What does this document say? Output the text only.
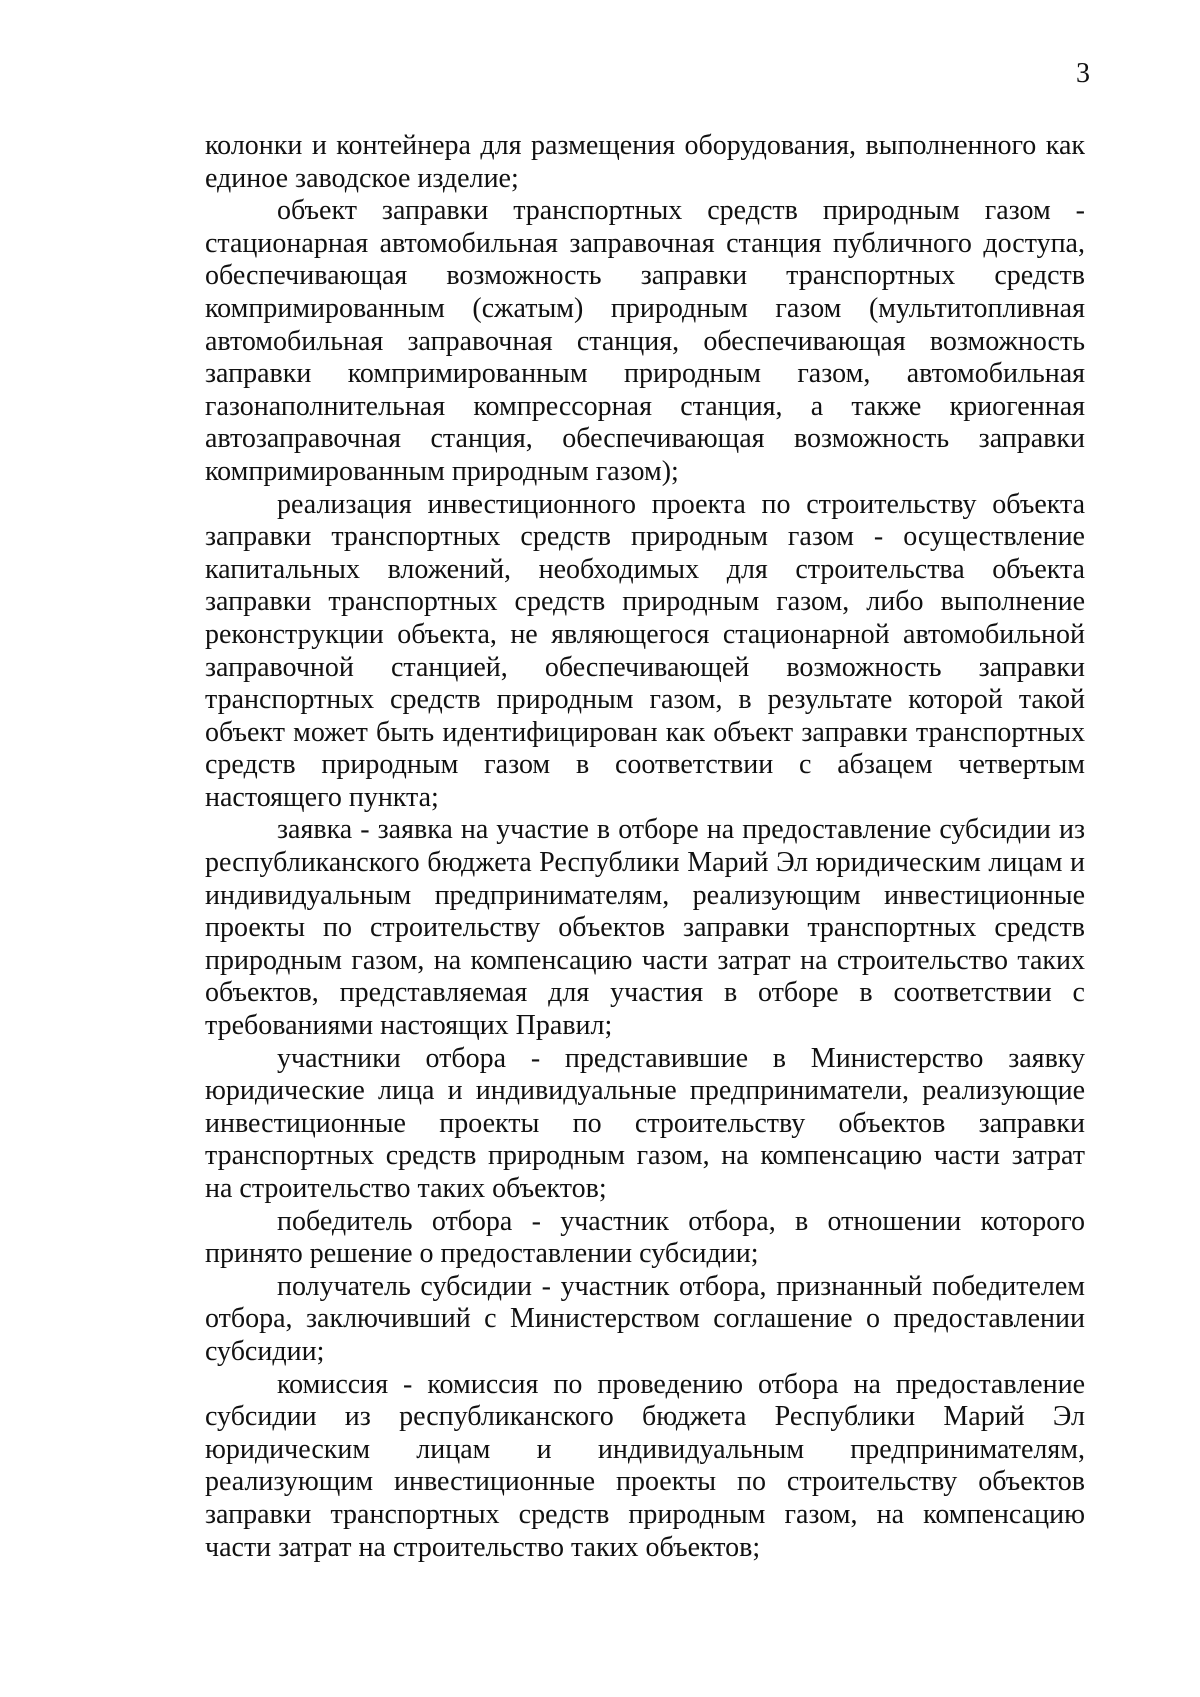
3

колонки и контейнера для размещения оборудования, выполненного как единое заводское изделие;

объект заправки транспортных средств природным газом - стационарная автомобильная заправочная станция публичного доступа, обеспечивающая возможность заправки транспортных средств компримированным (сжатым) природным газом (мультитопливная автомобильная заправочная станция, обеспечивающая возможность заправки компримированным природным газом, автомобильная газонаполнительная компрессорная станция, а также криогенная автозаправочная станция, обеспечивающая возможность заправки компримированным природным газом);

реализация инвестиционного проекта по строительству объекта заправки транспортных средств природным газом - осуществление капитальных вложений, необходимых для строительства объекта заправки транспортных средств природным газом, либо выполнение реконструкции объекта, не являющегося стационарной автомобильной заправочной станцией, обеспечивающей возможность заправки транспортных средств природным газом, в результате которой такой объект может быть идентифицирован как объект заправки транспортных средств природным газом в соответствии с абзацем четвертым настоящего пункта;

заявка - заявка на участие в отборе на предоставление субсидии из республиканского бюджета Республики Марий Эл юридическим лицам и индивидуальным предпринимателям, реализующим инвестиционные проекты по строительству объектов заправки транспортных средств природным газом, на компенсацию части затрат на строительство таких объектов, представляемая для участия в отборе в соответствии с требованиями настоящих Правил;

участники отбора - представившие в Министерство заявку юридические лица и индивидуальные предприниматели, реализующие инвестиционные проекты по строительству объектов заправки транспортных средств природным газом, на компенсацию части затрат на строительство таких объектов;

победитель отбора - участник отбора, в отношении которого принято решение о предоставлении субсидии;

получатель субсидии - участник отбора, признанный победителем отбора, заключивший с Министерством соглашение о предоставлении субсидии;

комиссия - комиссия по проведению отбора на предоставление субсидии из республиканского бюджета Республики Марий Эл юридическим лицам и индивидуальным предпринимателям, реализующим инвестиционные проекты по строительству объектов заправки транспортных средств природным газом, на компенсацию части затрат на строительство таких объектов;
